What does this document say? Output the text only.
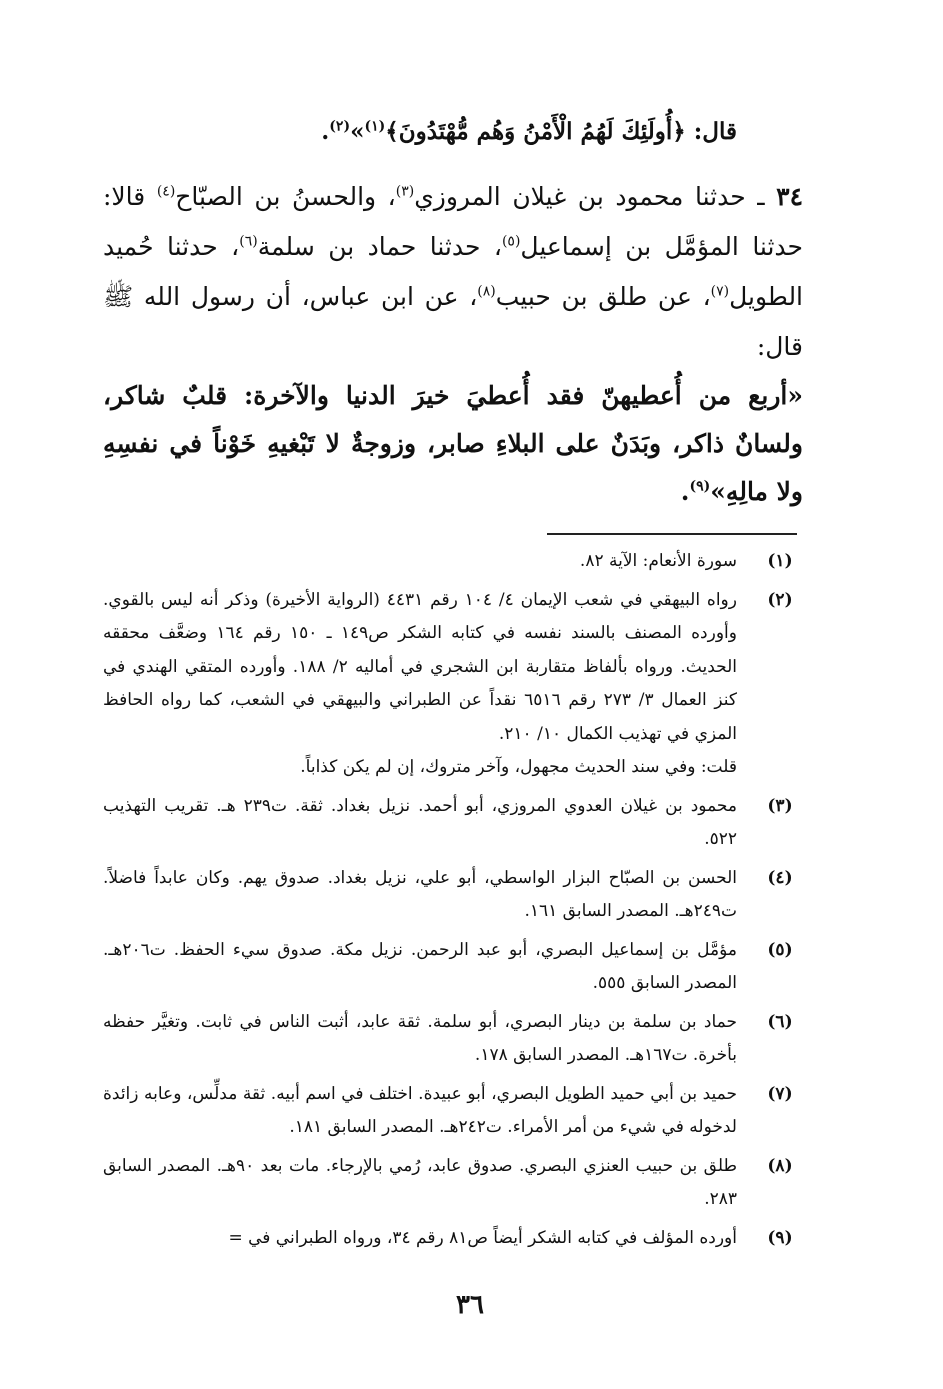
قال: ﴿أُولَئِكَ لَهُمُ الْأَمْنُ وَهُم مُّهْتَدُونَ﴾$^{(١)}$»$^{(٢)}$.
٣٤ ـ حدثنا محمود بن غيلان المروزي$^{(٣)}$، والحسنُ بن الصبّاح$^{(٤)}$ قالا: حدثنا المؤمَّل بن إسماعيل$^{(٥)}$، حدثنا حماد بن سلمة$^{(٦)}$، حدثنا حُميد الطويل$^{(٧)}$، عن طلق بن حبيب$^{(٨)}$، عن ابن عباس، أن رسول الله ﷺ قال:
«أربع من أُعطيهنّ فقد أُعطيَ خيرَ الدنيا والآخرة: قلبٌ شاكر، ولسانٌ ذاكر، وبَدَنٌ على البلاءِ صابر، وزوجةٌ لا تَبْغيهِ خَوْناً في نفسِهِ ولا مالِهِ»$^{(٩)}$.
(١)
سورة الأنعام: الآية ٨٢.
(٢)
رواه البيهقي في شعب الإيمان ٤/ ١٠٤ رقم ٤٤٣١ (الرواية الأخيرة) وذكر أنه ليس بالقوي. وأورده المصنف بالسند نفسه في كتابه الشكر ص١٤٩ ـ ١٥٠ رقم ١٦٤ وضعَّف محققه الحديث. ورواه بألفاظ متقاربة ابن الشجري في أماليه ٢/ ١٨٨. وأورده المتقي الهندي في كنز العمال ٣/ ٢٧٣ رقم ٦٥١٦ نقداً عن الطبراني والبيهقي في الشعب، كما رواه الحافظ المزي في تهذيب الكمال ١٠/ ٢١٠.
قلت: وفي سند الحديث مجهول، وآخر متروك، إن لم يكن كذاباً.
(٣)
محمود بن غيلان العدوي المروزي، أبو أحمد. نزيل بغداد. ثقة. ت٢٣٩ هـ. تقريب التهذيب ٥٢٢.
(٤)
الحسن بن الصبّاح البزار الواسطي، أبو علي، نزيل بغداد. صدوق يهم. وكان عابداً فاضلاً. ت٢٤٩هـ. المصدر السابق ١٦١.
(٥)
مؤمَّل بن إسماعيل البصري، أبو عبد الرحمن. نزيل مكة. صدوق سيء الحفظ. ت٢٠٦هـ. المصدر السابق ٥٥٥.
(٦)
حماد بن سلمة بن دينار البصري، أبو سلمة. ثقة عابد، أثبت الناس في ثابت. وتغيَّر حفظه بأخرة. ت١٦٧هـ. المصدر السابق ١٧٨.
(٧)
حميد بن أبي حميد الطويل البصري، أبو عبيدة. اختلف في اسم أبيه. ثقة مدلِّس، وعابه زائدة لدخوله في شيء من أمر الأمراء. ت٢٤٢هـ. المصدر السابق ١٨١.
(٨)
طلق بن حبيب العنزي البصري. صدوق عابد، رُمي بالإرجاء. مات بعد ٩٠هـ. المصدر السابق ٢٨٣.
(٩)
أورده المؤلف في كتابه الشكر أيضاً ص٨١ رقم ٣٤، ورواه الطبراني في =
٣٦
